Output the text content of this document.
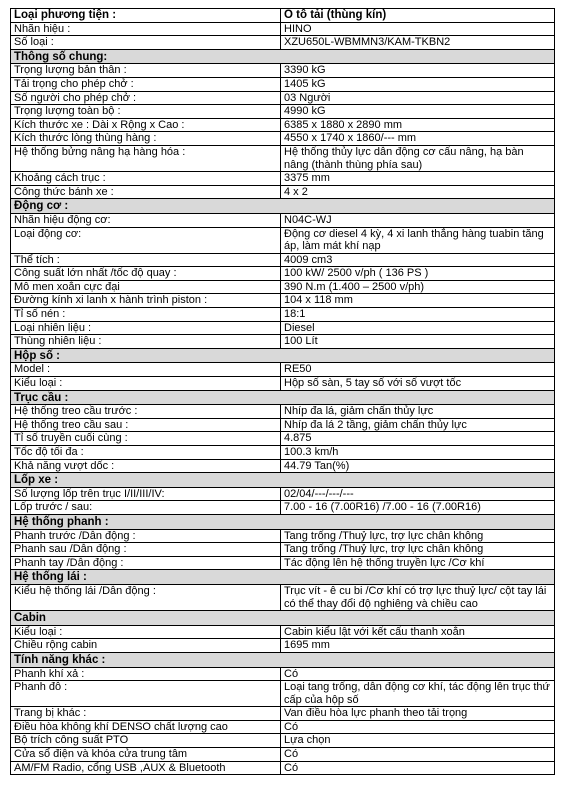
Loại phương tiện :	Ô tô tải (thùng kín)
Nhãn hiệu :	HINO
Số loại :	XZU650L-WBMMN3/KAM-TKBN2
Thông số chung:	
Trọng lượng bản thân :	3390 kG
Tải trọng cho phép chở :	1405 kG
Số người cho phép chở :	03 Người
Trọng lượng toàn bộ :	4990 kG
Kích thước xe : Dài x Rộng x Cao :	6385 x 1880 x 2890 mm
Kích thước lòng thùng hàng :	4550 x 1740 x 1860/--- mm
Hệ thống bửng nâng hạ hàng hóa :	Hệ thống thủy lực dẫn động cơ cấu nâng, hạ bàn nâng (thành thùng phía sau)
Khoảng cách trục :	3375 mm
Công thức bánh xe :	4 x 2
Động cơ :	
Nhãn hiệu động cơ:	N04C-WJ
Loại động cơ:	Động cơ diesel 4 kỳ, 4 xi lanh thẳng hàng tuabin tăng áp, làm mát khí nạp
Thể tích :	4009 cm3
Công suất lớn nhất /tốc độ quay :	100 kW/ 2500 v/ph ( 136 PS )
Mô men xoắn cực đại	390 N.m (1.400 – 2500 v/ph)
Đường kính xi lanh x hành trình piston :	104 x 118 mm
Tỉ số nén :	18:1
Loại nhiên liệu :	Diesel
Thùng nhiên liệu :	100 Lít
Hộp số :	
Model :	RE50
Kiểu loại :	Hộp số sàn, 5 tay số với số vượt tốc
Trục cầu :	
Hệ thống treo cầu trước :	Nhíp đa lá, giảm chấn thủy lực
Hệ thống treo cầu sau :	Nhíp đa lá 2 tầng, giảm chấn thủy lực
Tỉ số truyền cuối cùng :	4.875
Tốc độ tối đa :	100.3 km/h
Khả năng vượt dốc :	44.79 Tan(%)
Lốp xe :	
Số lượng lốp trên trục I/II/III/IV:	02/04/---/---/---
Lốp trước / sau:	7.00 - 16 (7.00R16) /7.00 - 16 (7.00R16)
Hệ thống phanh :	
Phanh trước /Dẫn động :	Tang trống /Thuỷ lực, trợ lực chân không
Phanh sau /Dẫn động :	Tang trống /Thuỷ lực, trợ lực chân không
Phanh tay /Dẫn động :	Tác động lên hệ thống truyền lực /Cơ khí
Hệ thống lái :	
Kiểu hệ thống lái /Dẫn động :	Trục vít - ê cu bi /Cơ khí có trợ lực thuỷ lực/ cột tay lái có thể thay đổi độ nghiêng và chiều cao
Cabin	
Kiểu loại :	Cabin kiểu lật với kết cấu thanh xoắn
Chiều rộng cabin	1695 mm
Tính năng khác :	
Phanh khí xả :	Có
Phanh đỗ :	Loại tang trống, dẫn động cơ khí, tác động lên trục thứ cấp của hộp số
Trang bị khác :	Van điều hòa lực phanh theo tải trọng
Điều hòa không khí DENSO chất lượng cao	Có
Bộ trích công suất PTO	Lựa chọn
Cửa sổ điện và khóa cửa trung tâm	Có
AM/FM Radio, cổng USB ,AUX & Bluetooth	Có
